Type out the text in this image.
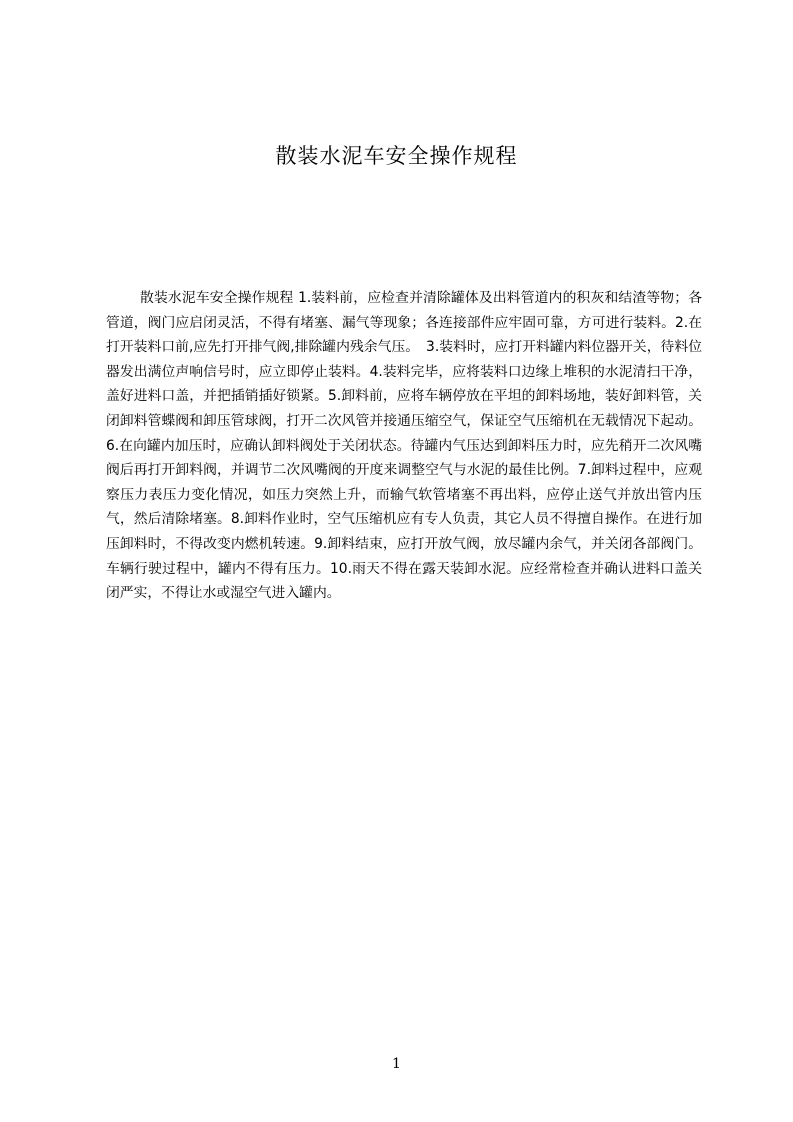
散装水泥车安全操作规程

散装水泥车安全操作规程 1.装料前，应检查并清除罐体及出料管道内的积灰和结渣等物；各管道，阀门应启闭灵活，不得有堵塞、漏气等现象；各连接部件应牢固可靠，方可进行装料。2.在打开装料口前,应先打开排气阀,排除罐内残余气压。　3.装料时，应打开料罐内料位器开关，待料位器发出满位声响信号时，应立即停止装料。4.装料完毕，应将装料口边缘上堆积的水泥清扫干净，盖好进料口盖，并把插销插好锁紧。5.卸料前，应将车辆停放在平坦的卸料场地，装好卸料管，关闭卸料管蝶阀和卸压管球阀，打开二次风管并接通压缩空气，保证空气压缩机在无载情况下起动。6.在向罐内加压时，应确认卸料阀处于关闭状态。待罐内气压达到卸料压力时，应先稍开二次风嘴阀后再打开卸料阀，并调节二次风嘴阀的开度来调整空气与水泥的最佳比例。7.卸料过程中，应观察压力表压力变化情况，如压力突然上升，而输气软管堵塞不再出料，应停止送气并放出管内压气，然后清除堵塞。8.卸料作业时，空气压缩机应有专人负责，其它人员不得擅自操作。在进行加压卸料时，不得改变内燃机转速。9.卸料结束，应打开放气阀，放尽罐内余气，并关闭各部阀门。车辆行驶过程中，罐内不得有压力。10.雨天不得在露天装卸水泥。应经常检查并确认进料口盖关闭严实，不得让水或湿空气进入罐内。

1
